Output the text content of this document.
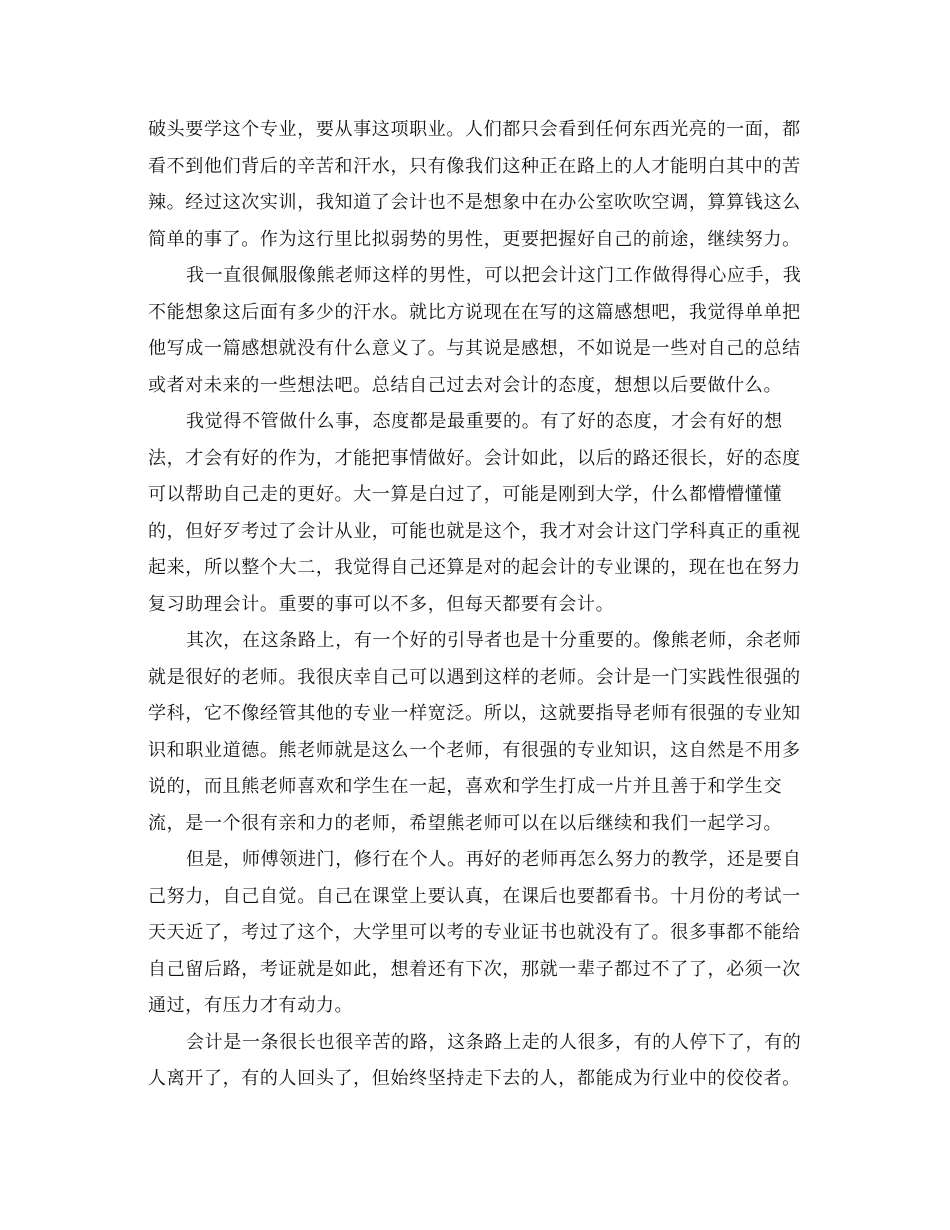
破头要学这个专业，要从事这项职业。人们都只会看到任何东西光亮的一面，都
看不到他们背后的辛苦和汗水，只有像我们这种正在路上的人才能明白其中的苦
辣。经过这次实训，我知道了会计也不是想象中在办公室吹吹空调，算算钱这么
简单的事了。作为这行里比拟弱势的男性，更要把握好自己的前途，继续努力。

我一直很佩服像熊老师这样的男性，可以把会计这门工作做得得心应手，我
不能想象这后面有多少的汗水。就比方说现在在写的这篇感想吧，我觉得单单把
他写成一篇感想就没有什么意义了。与其说是感想，不如说是一些对自己的总结
或者对未来的一些想法吧。总结自己过去对会计的态度，想想以后要做什么。

我觉得不管做什么事，态度都是最重要的。有了好的态度，才会有好的想
法，才会有好的作为，才能把事情做好。会计如此，以后的路还很长，好的态度
可以帮助自己走的更好。大一算是白过了，可能是刚到大学，什么都懵懵懂懂
的，但好歹考过了会计从业，可能也就是这个，我才对会计这门学科真正的重视
起来，所以整个大二，我觉得自己还算是对的起会计的专业课的，现在也在努力
复习助理会计。重要的事可以不多，但每天都要有会计。

其次，在这条路上，有一个好的引导者也是十分重要的。像熊老师，余老师
就是很好的老师。我很庆幸自己可以遇到这样的老师。会计是一门实践性很强的
学科，它不像经管其他的专业一样宽泛。所以，这就要指导老师有很强的专业知
识和职业道德。熊老师就是这么一个老师，有很强的专业知识，这自然是不用多
说的，而且熊老师喜欢和学生在一起，喜欢和学生打成一片并且善于和学生交
流，是一个很有亲和力的老师，希望熊老师可以在以后继续和我们一起学习。

但是，师傅领进门，修行在个人。再好的老师再怎么努力的教学，还是要自
己努力，自己自觉。自己在课堂上要认真，在课后也要都看书。十月份的考试一
天天近了，考过了这个，大学里可以考的专业证书也就没有了。很多事都不能给
自己留后路，考证就是如此，想着还有下次，那就一辈子都过不了了，必须一次
通过，有压力才有动力。

会计是一条很长也很辛苦的路，这条路上走的人很多，有的人停下了，有的
人离开了，有的人回头了，但始终坚持走下去的人，都能成为行业中的佼佼者。
